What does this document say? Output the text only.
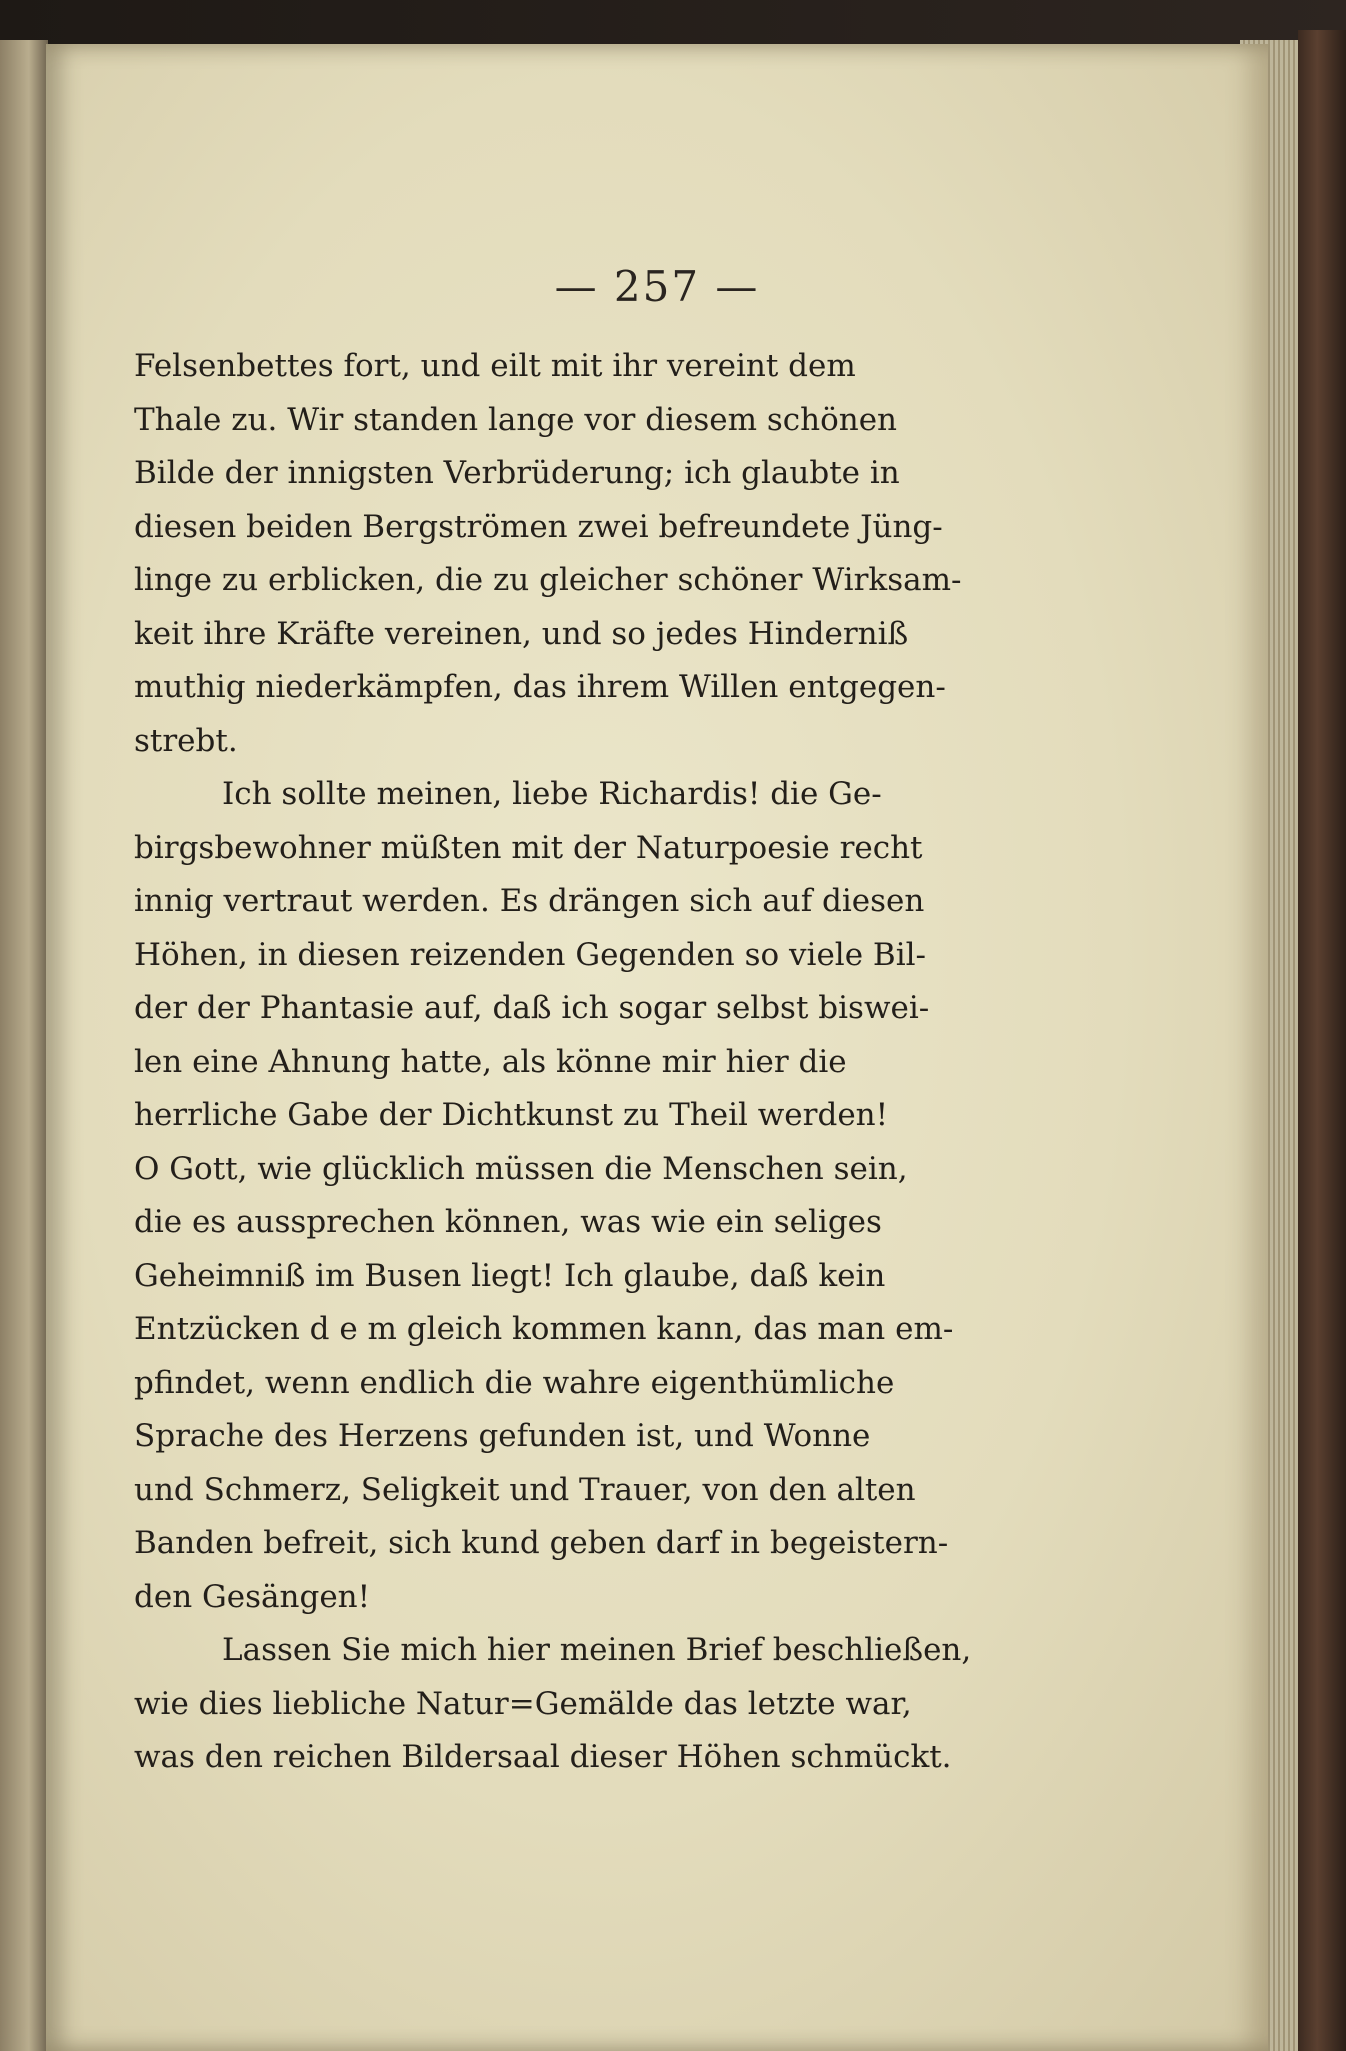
— 257 —
Felsenbettes fort, und eilt mit ihr vereint dem
Thale zu. Wir standen lange vor diesem schönen
Bilde der innigsten Verbrüderung; ich glaubte in
diesen beiden Bergströmen zwei befreundete Jüng-
linge zu erblicken, die zu gleicher schöner Wirksam-
keit ihre Kräfte vereinen, und so jedes Hinderniß
muthig niederkämpfen, das ihrem Willen entgegen-
strebt.
Ich sollte meinen, liebe Richardis! die Ge-
birgsbewohner müßten mit der Naturpoesie recht
innig vertraut werden. Es drängen sich auf diesen
Höhen, in diesen reizenden Gegenden so viele Bil-
der der Phantasie auf, daß ich sogar selbst biswei-
len eine Ahnung hatte, als könne mir hier die
herrliche Gabe der Dichtkunst zu Theil werden!
O Gott, wie glücklich müssen die Menschen sein,
die es aussprechen können, was wie ein seliges
Geheimniß im Busen liegt! Ich glaube, daß kein
Entzücken d e m gleich kommen kann, das man em-
pfindet, wenn endlich die wahre eigenthümliche
Sprache des Herzens gefunden ist, und Wonne
und Schmerz, Seligkeit und Trauer, von den alten
Banden befreit, sich kund geben darf in begeistern-
den Gesängen!
Lassen Sie mich hier meinen Brief beschließen,
wie dies liebliche Natur=Gemälde das letzte war,
was den reichen Bildersaal dieser Höhen schmückt.
